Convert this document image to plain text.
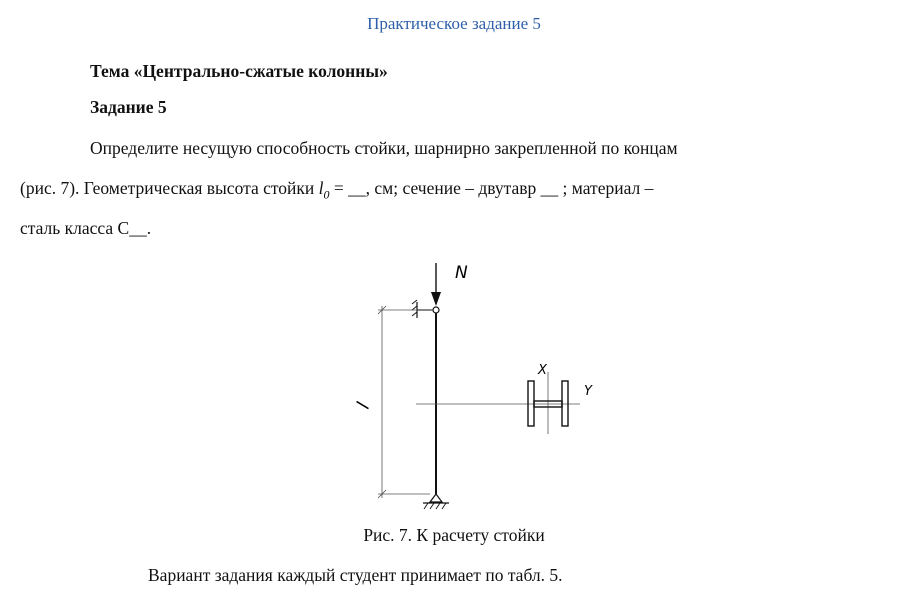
Практическое задание 5
Тема «Центрально-сжатые колонны»
Задание 5
Определите несущую способность стойки, шарнирно закрепленной по концам
(рис. 7). Геометрическая высота стойки $l_0$ = __, см; сечение – двутавр __ ; материал –
сталь класса С__.
N
l
X
Y
Рис. 7. К расчету стойки
Вариант задания каждый студент принимает по табл. 5.
